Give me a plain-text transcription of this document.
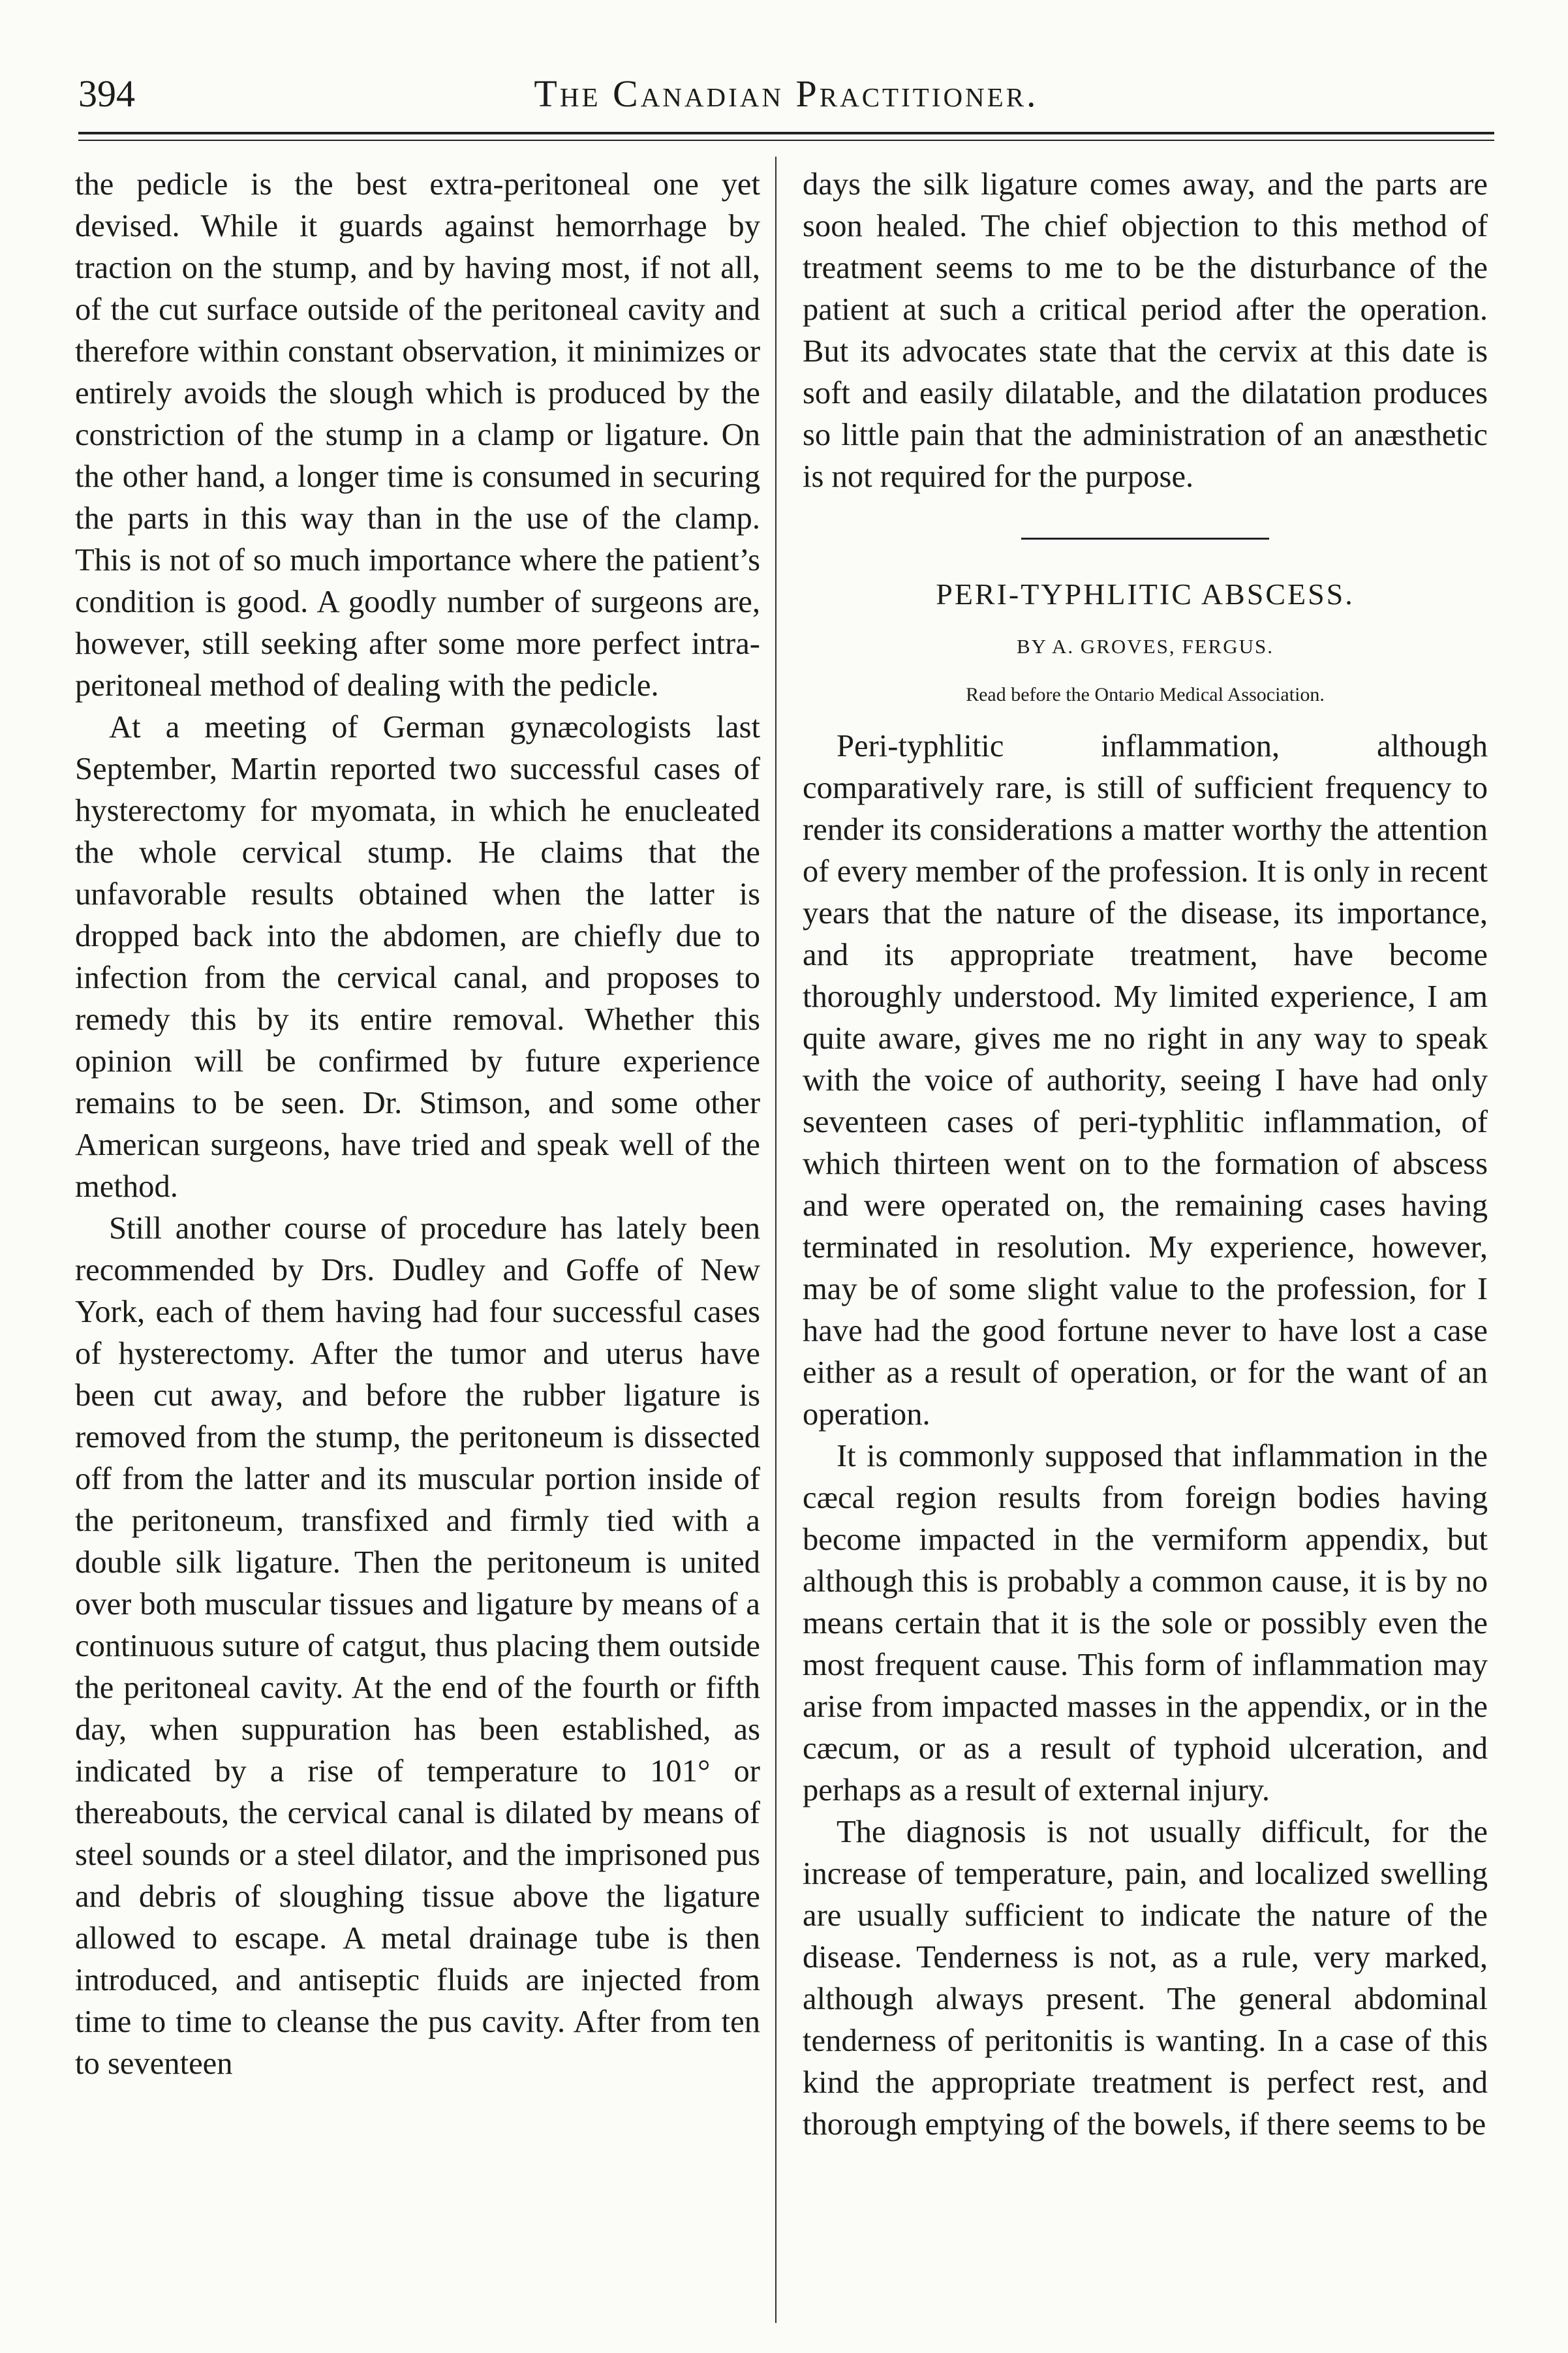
394	The Canadian Practitioner.

the pedicle is the best extra-peritoneal one yet devised. While it guards against hemorrhage by traction on the stump, and by having most, if not all, of the cut surface outside of the peritoneal cavity and therefore within constant observation, it minimizes or entirely avoids the slough which is produced by the constriction of the stump in a clamp or ligature. On the other hand, a longer time is consumed in securing the parts in this way than in the use of the clamp. This is not of so much importance where the patient’s condition is good. A goodly number of surgeons are, however, still seeking after some more perfect intra-peritoneal method of dealing with the pedicle.

At a meeting of German gynæcologists last September, Martin reported two successful cases of hysterectomy for myomata, in which he enucleated the whole cervical stump. He claims that the unfavorable results obtained when the latter is dropped back into the abdomen, are chiefly due to infection from the cervical canal, and proposes to remedy this by its entire removal. Whether this opinion will be confirmed by future experience remains to be seen. Dr. Stimson, and some other American surgeons, have tried and speak well of the method.

Still another course of procedure has lately been recommended by Drs. Dudley and Goffe of New York, each of them having had four successful cases of hysterectomy. After the tumor and uterus have been cut away, and before the rubber ligature is removed from the stump, the peritoneum is dissected off from the latter and its muscular portion inside of the peritoneum, transfixed and firmly tied with a double silk ligature. Then the peritoneum is united over both muscular tissues and ligature by means of a continuous suture of catgut, thus placing them outside the peritoneal cavity. At the end of the fourth or fifth day, when suppuration has been established, as indicated by a rise of temperature to 101° or thereabouts, the cervical canal is dilated by means of steel sounds or a steel dilator, and the imprisoned pus and debris of sloughing tissue above the ligature allowed to escape. A metal drainage tube is then introduced, and antiseptic fluids are injected from time to time to cleanse the pus cavity. After from ten to seventeen

days the silk ligature comes away, and the parts are soon healed. The chief objection to this method of treatment seems to me to be the disturbance of the patient at such a critical period after the operation. But its advocates state that the cervix at this date is soft and easily dilatable, and the dilatation produces so little pain that the administration of an anæsthetic is not required for the purpose.

PERI-TYPHLITIC ABSCESS.
BY A. GROVES, FERGUS.
Read before the Ontario Medical Association.

Peri-typhlitic inflammation, although comparatively rare, is still of sufficient frequency to render its considerations a matter worthy the attention of every member of the profession. It is only in recent years that the nature of the disease, its importance, and its appropriate treatment, have become thoroughly understood. My limited experience, I am quite aware, gives me no right in any way to speak with the voice of authority, seeing I have had only seventeen cases of peri-typhlitic inflammation, of which thirteen went on to the formation of abscess and were operated on, the remaining cases having terminated in resolution. My experience, however, may be of some slight value to the profession, for I have had the good fortune never to have lost a case either as a result of operation, or for the want of an operation.

It is commonly supposed that inflammation in the cæcal region results from foreign bodies having become impacted in the vermiform appendix, but although this is probably a common cause, it is by no means certain that it is the sole or possibly even the most frequent cause. This form of inflammation may arise from impacted masses in the appendix, or in the cæcum, or as a result of typhoid ulceration, and perhaps as a result of external injury.

The diagnosis is not usually difficult, for the increase of temperature, pain, and localized swelling are usually sufficient to indicate the nature of the disease. Tenderness is not, as a rule, very marked, although always present. The general abdominal tenderness of peritonitis is wanting. In a case of this kind the appropriate treatment is perfect rest, and thorough emptying of the bowels, if there seems to be
